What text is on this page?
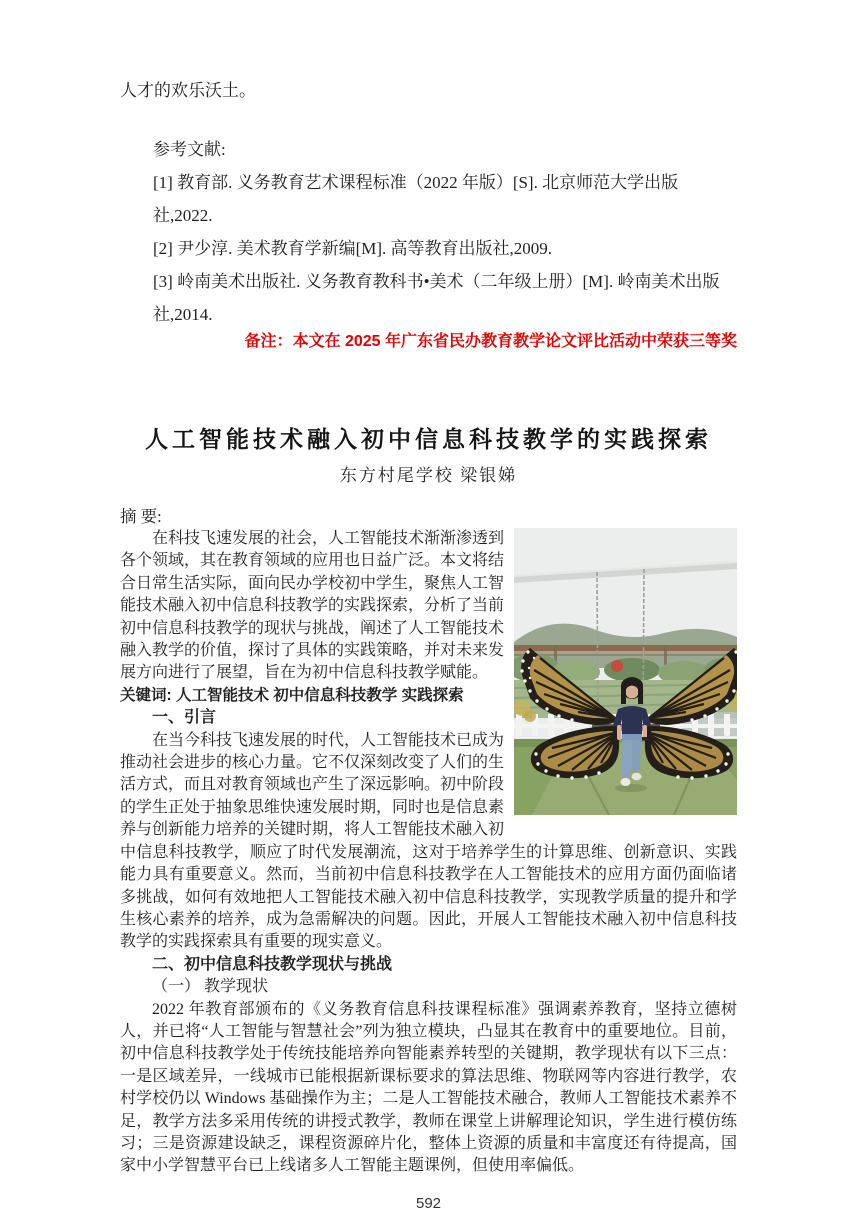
人才的欢乐沃土。

参考文献:

[1] 教育部. 义务教育艺术课程标准（2022 年版）[S]. 北京师范大学出版社,2022.

[2] 尹少淳. 美术教育学新编[M]. 高等教育出版社,2009.

[3] 岭南美术出版社. 义务教育教科书•美术（二年级上册）[M]. 岭南美术出版社,2014.

备注：本文在 2025 年广东省民办教育教学论文评比活动中荣获三等奖

人工智能技术融入初中信息科技教学的实践探索

东方村尾学校 梁银娣

摘 要:

在科技飞速发展的社会，人工智能技术渐渐渗透到各个领域，其在教育领域的应用也日益广泛。本文将结合日常生活实际，面向民办学校初中学生，聚焦人工智能技术融入初中信息科技教学的实践探索，分析了当前初中信息科技教学的现状与挑战，阐述了人工智能技术融入教学的价值，探讨了具体的实践策略，并对未来发展方向进行了展望，旨在为初中信息科技教学赋能。

关键词: 人工智能技术 初中信息科技教学 实践探索

一、引言

在当今科技飞速发展的时代，人工智能技术已成为推动社会进步的核心力量。它不仅深刻改变了人们的生活方式，而且对教育领域也产生了深远影响。初中阶段的学生正处于抽象思维快速发展时期，同时也是信息素养与创新能力培养的关键时期，将人工智能技术融入初中信息科技教学，顺应了时代发展潮流，这对于培养学生的计算思维、创新意识、实践能力具有重要意义。然而，当前初中信息科技教学在人工智能技术的应用方面仍面临诸多挑战，如何有效地把人工智能技术融入初中信息科技教学，实现教学质量的提升和学生核心素养的培养，成为急需解决的问题。因此，开展人工智能技术融入初中信息科技教学的实践探索具有重要的现实意义。

二、初中信息科技教学现状与挑战

（一） 教学现状

2022 年教育部颁布的《义务教育信息科技课程标准》强调素养教育，坚持立德树人，并已将“人工智能与智慧社会”列为独立模块，凸显其在教育中的重要地位。目前，初中信息科技教学处于传统技能培养向智能素养转型的关键期，教学现状有以下三点：一是区域差异，一线城市已能根据新课标要求的算法思维、物联网等内容进行教学，农村学校仍以 Windows 基础操作为主；二是人工智能技术融合，教师人工智能技术素养不足，教学方法多采用传统的讲授式教学，教师在课堂上讲解理论知识，学生进行模仿练习；三是资源建设缺乏，课程资源碎片化，整体上资源的质量和丰富度还有待提高，国家中小学智慧平台已上线诸多人工智能主题课例，但使用率偏低。

592
